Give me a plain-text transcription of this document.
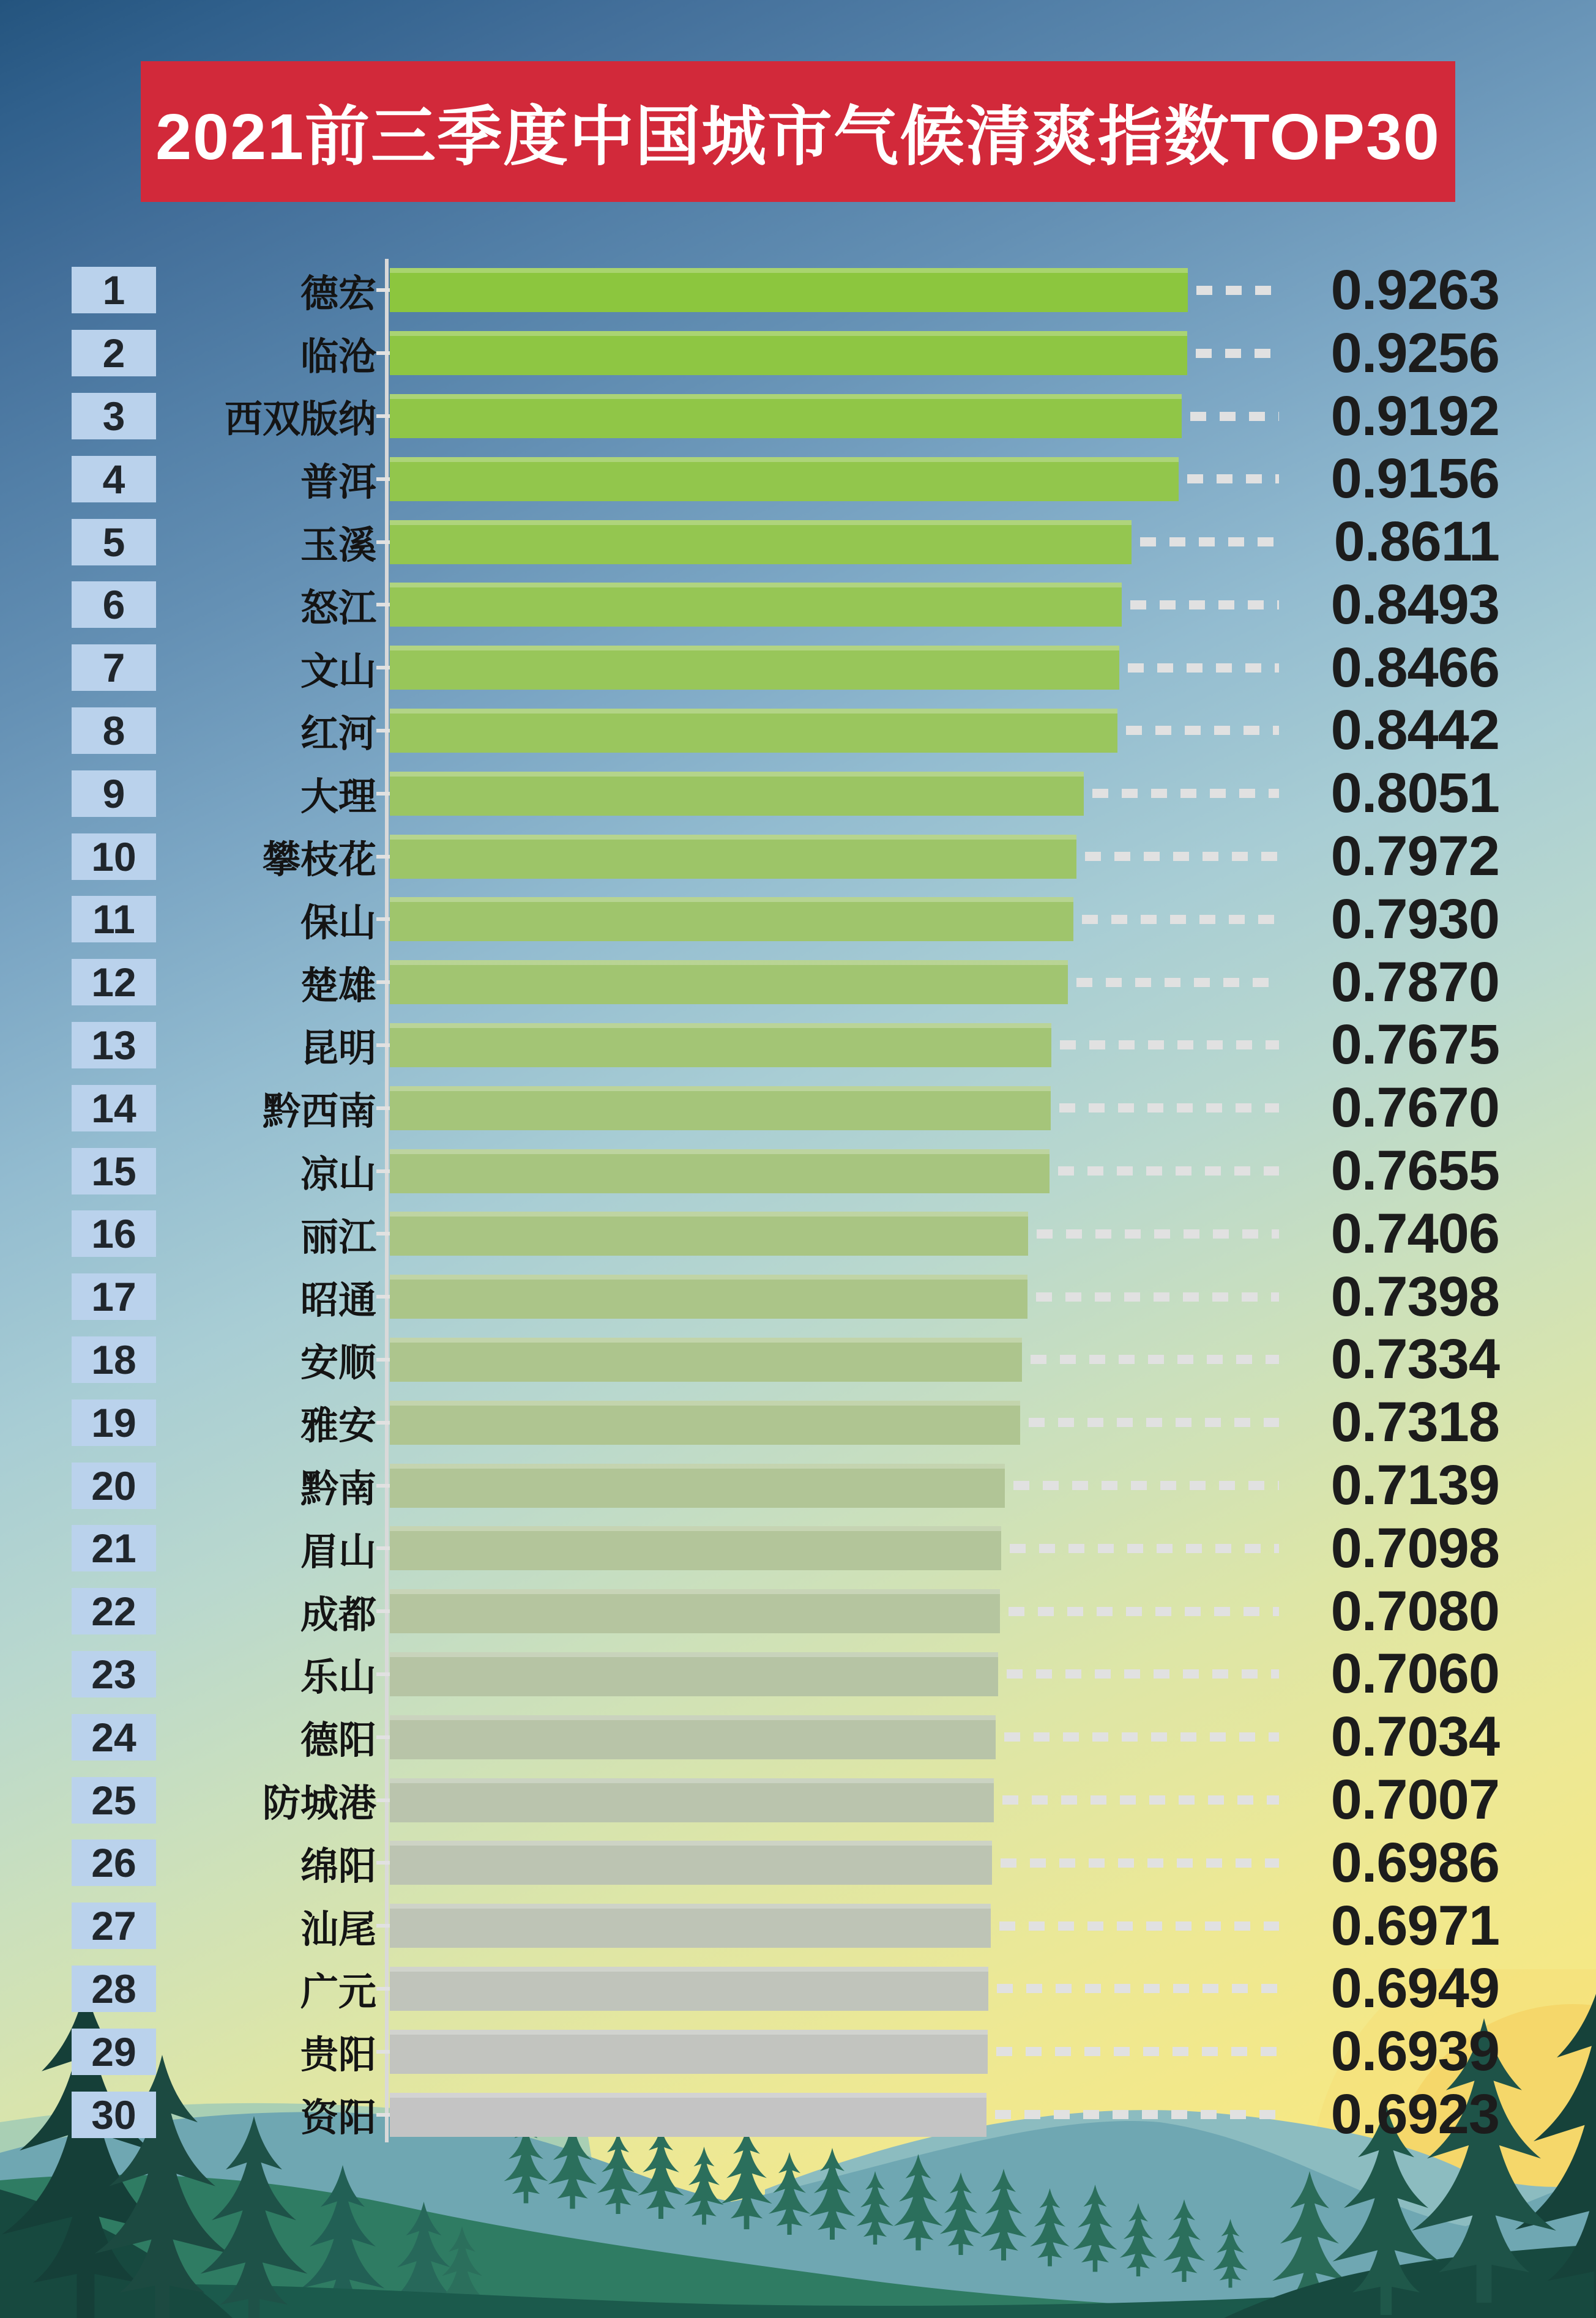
2021前三季度中国城市气候清爽指数TOP30
1	德宏	0.9263
2	临沧	0.9256
3	西双版纳	0.9192
4	普洱	0.9156
5	玉溪	0.8611
6	怒江	0.8493
7	文山	0.8466
8	红河	0.8442
9	大理	0.8051
10	攀枝花	0.7972
11	保山	0.7930
12	楚雄	0.7870
13	昆明	0.7675
14	黔西南	0.7670
15	凉山	0.7655
16	丽江	0.7406
17	昭通	0.7398
18	安顺	0.7334
19	雅安	0.7318
20	黔南	0.7139
21	眉山	0.7098
22	成都	0.7080
23	乐山	0.7060
24	德阳	0.7034
25	防城港	0.7007
26	绵阳	0.6986
27	汕尾	0.6971
28	广元	0.6949
29	贵阳	0.6939
30	资阳	0.6923
